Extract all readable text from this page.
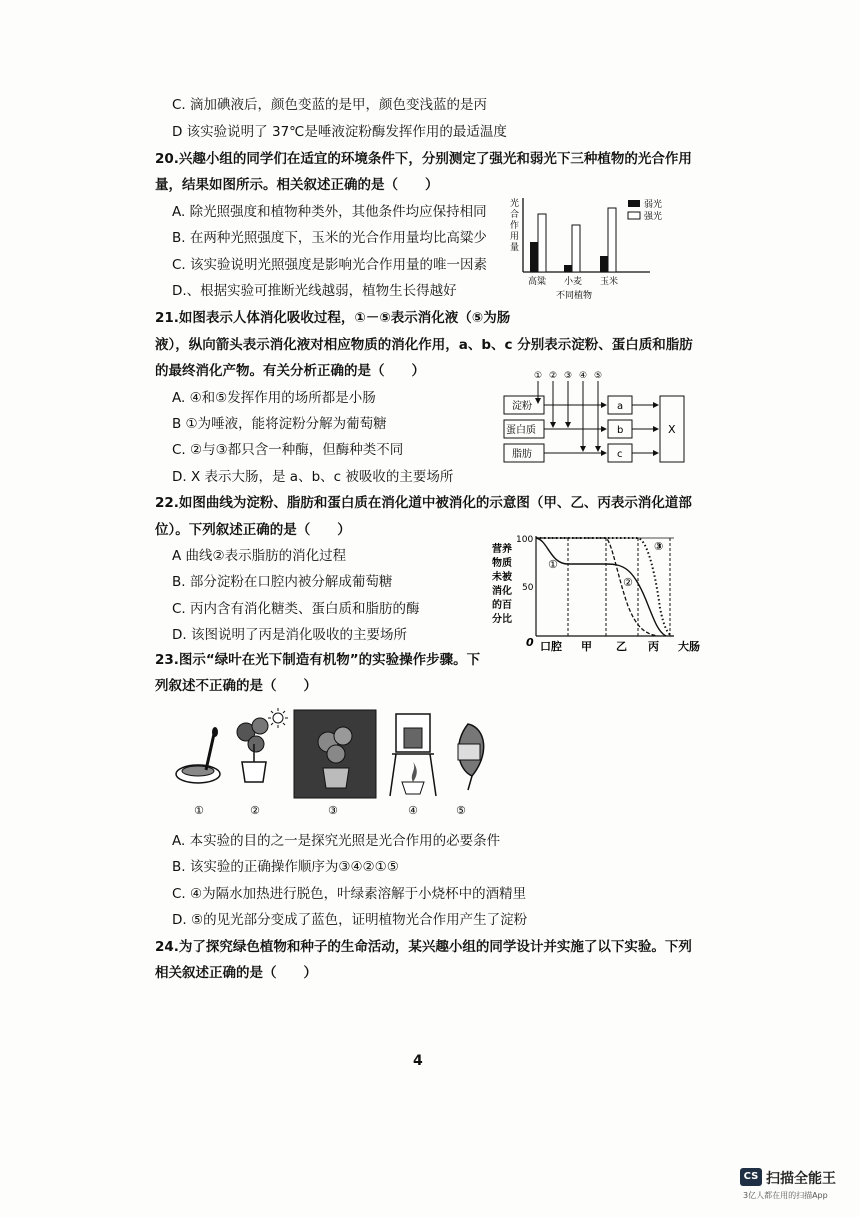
C. 滴加碘液后，颜色变蓝的是甲，颜色变浅蓝的是丙
D 该实验说明了 37℃是唾液淀粉酶发挥作用的最适温度
20.兴趣小组的同学们在适宜的环境条件下，分别测定了强光和弱光下三种植物的光合作用
量，结果如图所示。相关叙述正确的是（　　）
A. 除光照强度和植物种类外，其他条件均应保持相同
B. 在两种光照强度下，玉米的光合作用量均比高粱少
C. 该实验说明光照强度是影响光合作用量的唯一因素
D.、根据实验可推断光线越弱，植物生长得越好
光
合
作
用
量
弱光
强光
高粱 小麦 玉米
不同植物
21.如图表示人体消化吸收过程，①－⑤表示消化液（⑤为肠
液），纵向箭头表示消化液对相应物质的消化作用，a、b、c 分别表示淀粉、蛋白质和脂肪
的最终消化产物。有关分析正确的是（　　）
A. ④和⑤发挥作用的场所都是小肠
B ①为唾液，能将淀粉分解为葡萄糖
C. ②与③都只含一种酶，但酶种类不同
D. X 表示大肠，是 a、b、c 被吸收的主要场所
① ② ③ ④ ⑤
淀粉
蛋白质
脂肪
a
b
c
X
22.如图曲线为淀粉、脂肪和蛋白质在消化道中被消化的示意图（甲、乙、丙表示消化道部
位）。下列叙述正确的是（　　）
A 曲线②表示脂肪的消化过程
B. 部分淀粉在口腔内被分解成葡萄糖
C. 丙内含有消化糖类、蛋白质和脂肪的酶
D. 该图说明了丙是消化吸收的主要场所
营养
物质
未被
消化
的百
分比
100
50
0
①
②
③
口腔 甲 乙 丙 大肠
23.图示“绿叶在光下制造有机物”的实验操作步骤。下
列叙述不正确的是（　　）
①	②	③	④	⑤
A. 本实验的目的之一是探究光照是光合作用的必要条件
B. 该实验的正确操作顺序为③④②①⑤
C. ④为隔水加热进行脱色，叶绿素溶解于小烧杯中的酒精里
D. ⑤的见光部分变成了蓝色，证明植物光合作用产生了淀粉
24.为了探究绿色植物和种子的生命活动，某兴趣小组的同学设计并实施了以下实验。下列
相关叙述正确的是（　　）
4
CS 扫描全能王
3亿人都在用的扫描App
